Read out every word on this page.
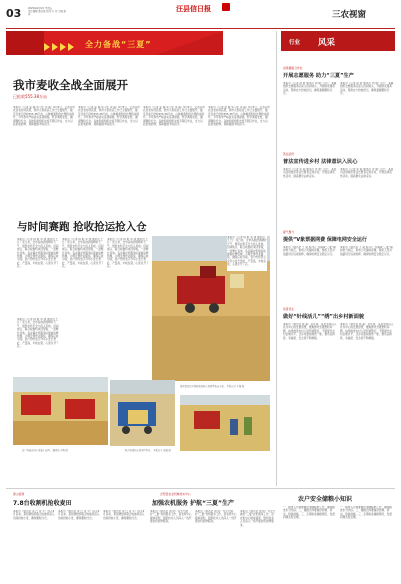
03	2025年6月6日 星期五
责任编辑 张红艳 校对 李 伟 美编 张 芳
汪县信日报
三农视窗
全力备战“三夏”	行业 风采
我市麦收全战全面展开
已抢收555.38万亩
本报讯（记者 张 瑞 实习生 李 丽）6月5日，记者从市农业农村局获悉，我市小麦收获工作已全面展开，截至目前已抢收555.38万亩，占种植面积的比例稳步提升。今年我市严格落实各项措施，科学调度农机，确保颗粒归仓。各地积极组织农机手跨区作业，全力以赴抢收抢种，保障夏粮丰收到手。
本报讯（记者 张 瑞 实习生 李 丽）6月5日，记者从市农业农村局获悉，我市小麦收获工作已全面展开，截至目前已抢收555.38万亩，占种植面积的比例稳步提升。今年我市严格落实各项措施，科学调度农机，确保颗粒归仓。各地积极组织农机手跨区作业，全力以赴抢收抢种，保障夏粮丰收到手。
本报讯（记者 张 瑞 实习生 李 丽）6月5日，记者从市农业农村局获悉，我市小麦收获工作已全面展开，截至目前已抢收555.38万亩，占种植面积的比例稳步提升。今年我市严格落实各项措施，科学调度农机，确保颗粒归仓。各地积极组织农机手跨区作业，全力以赴抢收抢种，保障夏粮丰收到手。
本报讯（记者 张 瑞 实习生 李 丽）6月5日，记者从市农业农村局获悉，我市小麦收获工作已全面展开，截至目前已抢收555.38万亩，占种植面积的比例稳步提升。今年我市严格落实各项措施，科学调度农机，确保颗粒归仓。各地积极组织农机手跨区作业，全力以赴抢收抢种，保障夏粮丰收到手。
与时间赛跑 抢收抢运抢入仓
本报讯（记者 杨 艳 李 清 通讯员 王 红）连日来，全市各地抢抓晴好天气，组织农机手全力投入麦收。田间地头，联合收割机来回穿梭，一派繁忙景象。各乡镇农机服务队提前检修机械，合理安排作业路线，确保应收尽收。农户纷纷表示今年小麦长势好、产量高，丰收在望，心里乐开了花。
本报讯（记者 杨 艳 李 清 通讯员 王 红）连日来，全市各地抢抓晴好天气，组织农机手全力投入麦收。田间地头，联合收割机来回穿梭，一派繁忙景象。各乡镇农机服务队提前检修机械，合理安排作业路线，确保应收尽收。农户纷纷表示今年小麦长势好、产量高，丰收在望，心里乐开了花。
本报讯（记者 杨 艳 李 清 通讯员 王 红）连日来，全市各地抢抓晴好天气，组织农机手全力投入麦收。田间地头，联合收割机来回穿梭，一派繁忙景象。各乡镇农机服务队提前检修机械，合理安排作业路线，确保应收尽收。农户纷纷表示今年小麦长势好、产量高，丰收在望，心里乐开了花。
本报讯（记者 杨 艳 李 清 通讯员 王 红）连日来，全市各地抢抓晴好天气，组织农机手全力投入麦收。田间地头，联合收割机来回穿梭，一派繁忙景象。各乡镇农机服务队提前检修机械，合理安排作业路线，确保应收尽收。农户纷纷表示今年小麦长势好、产量高，丰收在望，心里乐开了花。
本报讯（记者 杨 艳 李 清 通讯员 王 红）连日来，全市各地抢抓晴好天气，组织农机手全力投入麦收。田间地头，联合收割机来回穿梭，一派繁忙景象。各乡镇农机服务队提前检修机械，合理安排作业路线，确保应收尽收。农户纷纷表示今年小麦长势好、产量高，丰收在望，心里乐开了花。
某乡镇农机手驾驶收割机在麦田里收获小麦。 本报记者 王强 摄
农户将收获的小麦装车运回。 通讯员 李明 摄	联合收割机在麦田中作业。 本报记者 张强 摄
省级健康合作社
开展志愿服务 助力“三夏”生产
本报讯（记者 赵 岩 通讯员 刘 明）近日，某镇组织志愿服务队深入田间地头，开展助农服务活动，帮助农户抢收抢运，确保夏粮颗粒归仓。
本报讯（记者 赵 岩 通讯员 刘 明）近日，某镇组织志愿服务队深入田间地头，开展助农服务活动，帮助农户抢收抢运，确保夏粮颗粒归仓。
普法宣传
普法宣传进乡村 法律意识入民心
本报讯（记者 张 丽 通讯员 李 强）近日，某县司法局组织普法志愿者走进乡村，开展法律宣传活动，提高群众法律意识。
本报讯（记者 张 丽 通讯员 李 强）近日，某县司法局组织普法志愿者走进乡村，开展法律宣传活动，提高群众法律意识。
提气聚力
提供“V象票据网费 保障电网安全运行
本报讯（通讯员 王 斌 杨 华）为保障“三夏”期间电力供应，供电公司提前部署，组织人员对线路进行巡视检修，确保电网安全稳定运行。
本报讯（通讯员 王 斌 杨 华）为保障“三夏”期间电力供应，供电公司提前部署，组织人员对线路进行巡视检修，确保电网安全稳定运行。
改善民生
做好“针线活儿”“绣”出乡村新面貌
本报讯（通讯员 陈 丽）近年来，某县坚持以人民为中心的发展思想，聚焦群众急难愁盼问题，持续推进农村人居环境整治，不断提升乡村治理水平，让乡村面貌焕然一新，群众获得感、幸福感、安全感不断增强。
本报讯（通讯员 陈 丽）近年来，某县坚持以人民为中心的发展思想，聚焦群众急难愁盼问题，持续推进农村人居环境整治，不断提升乡村治理水平，让乡村面貌焕然一新，群众获得感、幸福感、安全感不断增强。
唐山街道
7.8台收割机抢收麦田
本报讯（通讯员 李 红 张 平）进入6月以来，某街道组织联合收割机深入田间抢收小麦，确保颗粒归仓。
本报讯（通讯员 李 红 张 平）进入6月以来，某街道组织联合收割机深入田间抢收小麦，确保颗粒归仓。
本报讯（通讯员 李 红 张 平）进入6月以来，某街道组织联合收割机深入田间抢收小麦，确保颗粒归仓。
志阳县农业机械技术中心
加强农机服务 护航“三夏”生产
本报讯（通讯员 刘 阳）为全力做好“三夏”农机服务工作，县农机中心提前谋划，组织技术人员深入一线开展农机检修服务。
本报讯（通讯员 刘 阳）为全力做好“三夏”农机服务工作，县农机中心提前谋划，组织技术人员深入一线开展农机检修服务。
本报讯（通讯员 刘 阳）为全力做好“三夏”农机服务工作，县农机中心提前谋划，组织技术人员深入一线开展农机检修服务。
农户安全储粮小知识
一、粮食入仓前要做好清理晾晒工作，确保粮食水分达标。二、储粮仓库要做好防潮、防虫、防鼠措施。三、定期检查储粮情况，发现问题及时处理。
一、粮食入仓前要做好清理晾晒工作，确保粮食水分达标。二、储粮仓库要做好防潮、防虫、防鼠措施。三、定期检查储粮情况，发现问题及时处理。
